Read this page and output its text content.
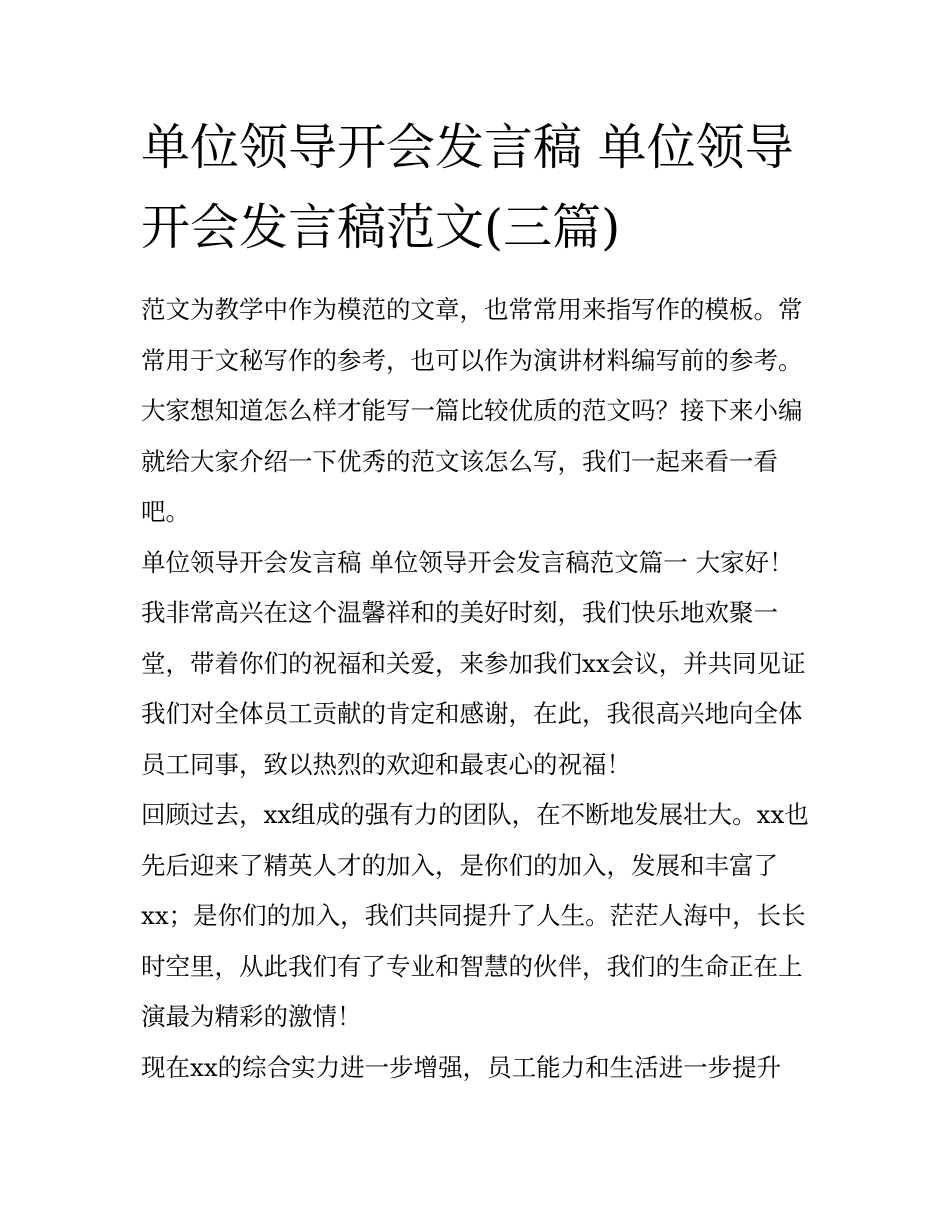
单位领导开会发言稿 单位领导开会发言稿范文(三篇)

范文为教学中作为模范的文章，也常常用来指写作的模板。常常用于文秘写作的参考，也可以作为演讲材料编写前的参考。大家想知道怎么样才能写一篇比较优质的范文吗？接下来小编就给大家介绍一下优秀的范文该怎么写，我们一起来看一看吧。

单位领导开会发言稿 单位领导开会发言稿范文篇一 大家好！我非常高兴在这个温馨祥和的美好时刻，我们快乐地欢聚一堂，带着你们的祝福和关爱，来参加我们xx会议，并共同见证我们对全体员工贡献的肯定和感谢，在此，我很高兴地向全体员工同事，致以热烈的欢迎和最衷心的祝福！

回顾过去，xx组成的强有力的团队，在不断地发展壮大。xx也先后迎来了精英人才的加入，是你们的加入，发展和丰富了xx；是你们的加入，我们共同提升了人生。茫茫人海中，长长时空里，从此我们有了专业和智慧的伙伴，我们的生命正在上演最为精彩的激情！

现在xx的综合实力进一步增强，员工能力和生活进一步提升
